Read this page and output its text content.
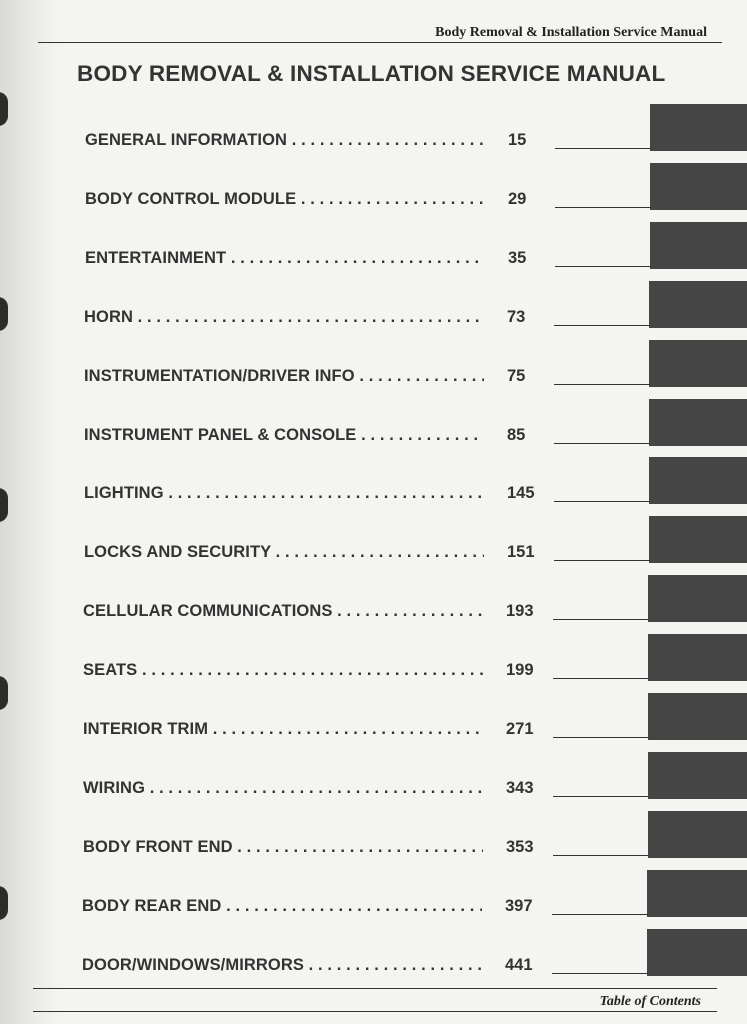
Body Removal & Installation Service Manual
BODY REMOVAL & INSTALLATION SERVICE MANUAL
GENERAL INFORMATION . . .	15
BODY CONTROL MODULE . . .	29
ENTERTAINMENT . . .	35
HORN . . .	73
INSTRUMENTATION/DRIVER INFO . . .	75
INSTRUMENT PANEL & CONSOLE . . .	85
LIGHTING . . .	145
LOCKS AND SECURITY . . .	151
CELLULAR COMMUNICATIONS . . .	193
SEATS . . .	199
INTERIOR TRIM . . .	271
WIRING . . .	343
BODY FRONT END . . .	353
BODY REAR END . . .	397
DOOR/WINDOWS/MIRRORS . . .	441
Table of Contents
